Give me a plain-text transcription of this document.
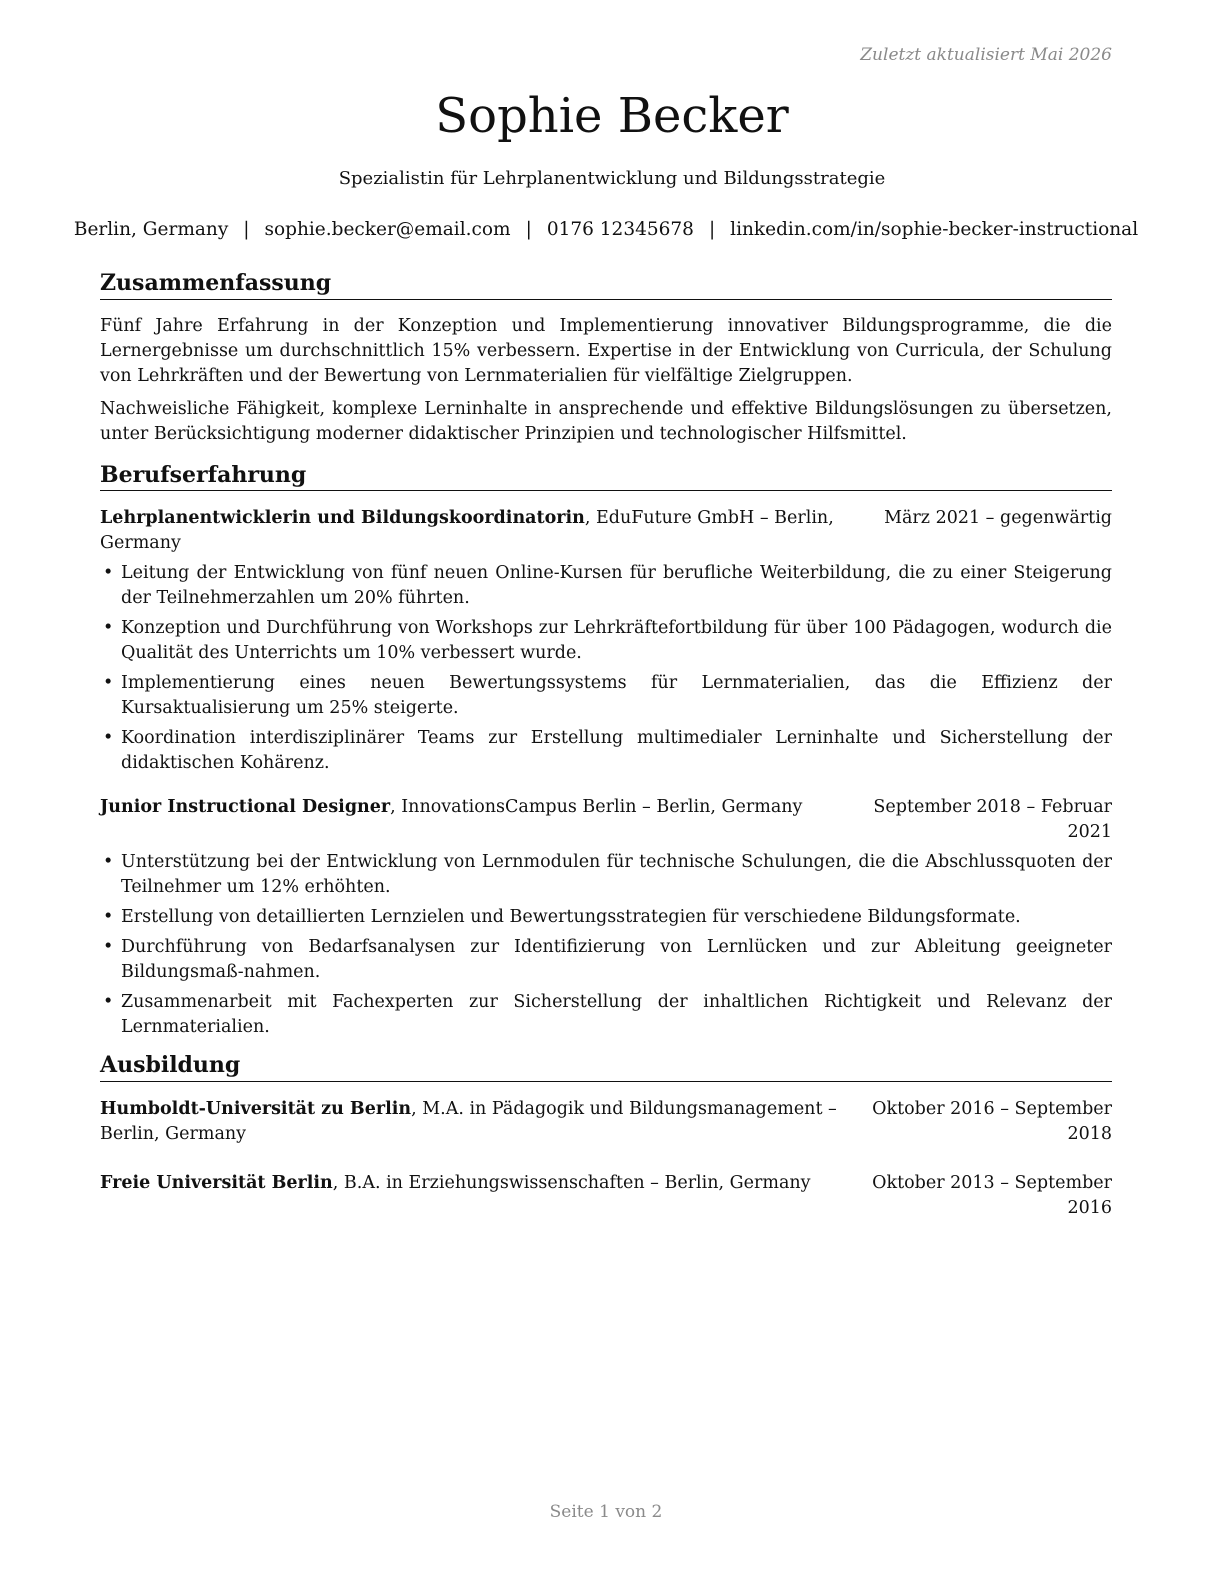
Zuletzt aktualisiert Mai 2026
Sophie Becker
Spezialistin für Lehrplanentwicklung und Bildungsstrategie
Berlin, Germany | sophie.becker@email.com | 0176 12345678 | linkedin.com/in/sophie-becker-instructional
Zusammenfassung

Fünf Jahre Erfahrung in der Konzeption und Implementierung innovativer Bildungsprogramme, die die Lernergebnisse um durchschnittlich 15% verbessern. Expertise in der Entwicklung von Curricula, der Schulung von Lehrkräften und der Bewertung von Lernmaterialien für vielfältige Zielgruppen.

Nachweisliche Fähigkeit, komplexe Lerninhalte in ansprechende und effektive Bildungslösungen zu übersetzen, unter Berücksichtigung moderner didaktischer Prinzipien und technologischer Hilfsmittel.

Berufserfahrung
Lehrplanentwicklerin und Bildungskoordinatorin, EduFuture GmbH – Berlin, Germany
März 2021 – gegenwärtig
• Leitung der Entwicklung von fünf neuen Online-Kursen für berufliche Weiterbildung, die zu einer Steigerung der Teilnehmerzahlen um 20% führten.
• Konzeption und Durchführung von Workshops zur Lehrkräftefortbildung für über 100 Pädagogen, wodurch die Qualität des Unterrichts um 10% verbessert wurde.
• Implementierung eines neuen Bewertungssystems für Lernmaterialien, das die Effizienz der Kursaktualisierung um 25% steigerte.
• Koordination interdisziplinärer Teams zur Erstellung multimedialer Lerninhalte und Sicherstellung der didaktischen Kohärenz.
Junior Instructional Designer, InnovationsCampus Berlin – Berlin, Germany	September 2018 – Februar 2021
• Unterstützung bei der Entwicklung von Lernmodulen für technische Schulungen, die die Abschlussquoten der Teilnehmer um 12% erhöhten.
• Erstellung von detaillierten Lernzielen und Bewertungsstrategien für verschiedene Bildungsformate.
• Durchführung von Bedarfsanalysen zur Identifizierung von Lernlücken und zur Ableitung geeigneter Bildungsmaß-nahmen.
• Zusammenarbeit mit Fachexperten zur Sicherstellung der inhaltlichen Richtigkeit und Relevanz der Lernmaterialien.
Ausbildung
Humboldt-Universität zu Berlin, M.A. in Pädagogik und Bildungsmanagement – Berlin, Germany
Oktober 2016 – September 2018
Freie Universität Berlin, B.A. in Erziehungswissenschaften – Berlin, Germany	Oktober 2013 – September 2016
Seite 1 von 2
